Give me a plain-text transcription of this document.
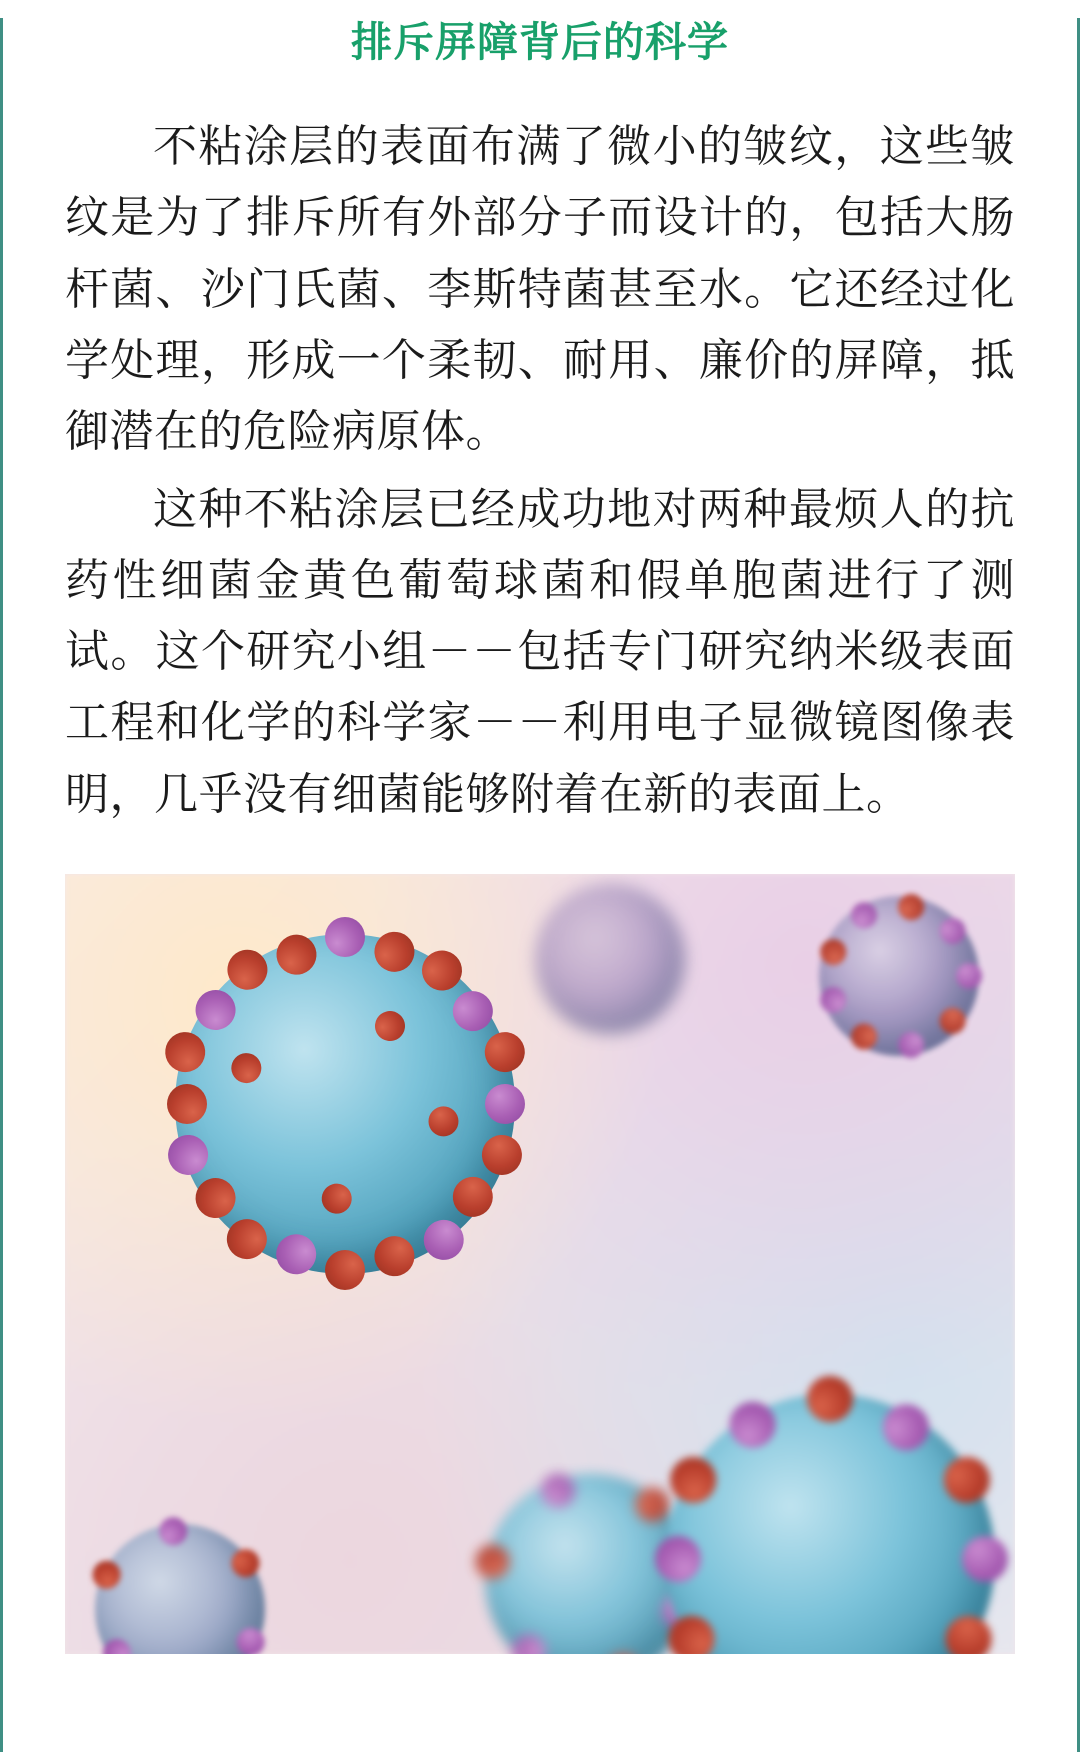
排斥屏障背后的科学

不粘涂层的表面布满了微小的皱纹，这些皱纹是为了排斥所有外部分子而设计的，包括大肠杆菌、沙门氏菌、李斯特菌甚至水。它还经过化学处理，形成一个柔韧、耐用、廉价的屏障，抵御潜在的危险病原体。

这种不粘涂层已经成功地对两种最烦人的抗药性细菌金黄色葡萄球菌和假单胞菌进行了测试。这个研究小组－－包括专门研究纳米级表面工程和化学的科学家－－利用电子显微镜图像表明，几乎没有细菌能够附着在新的表面上。
